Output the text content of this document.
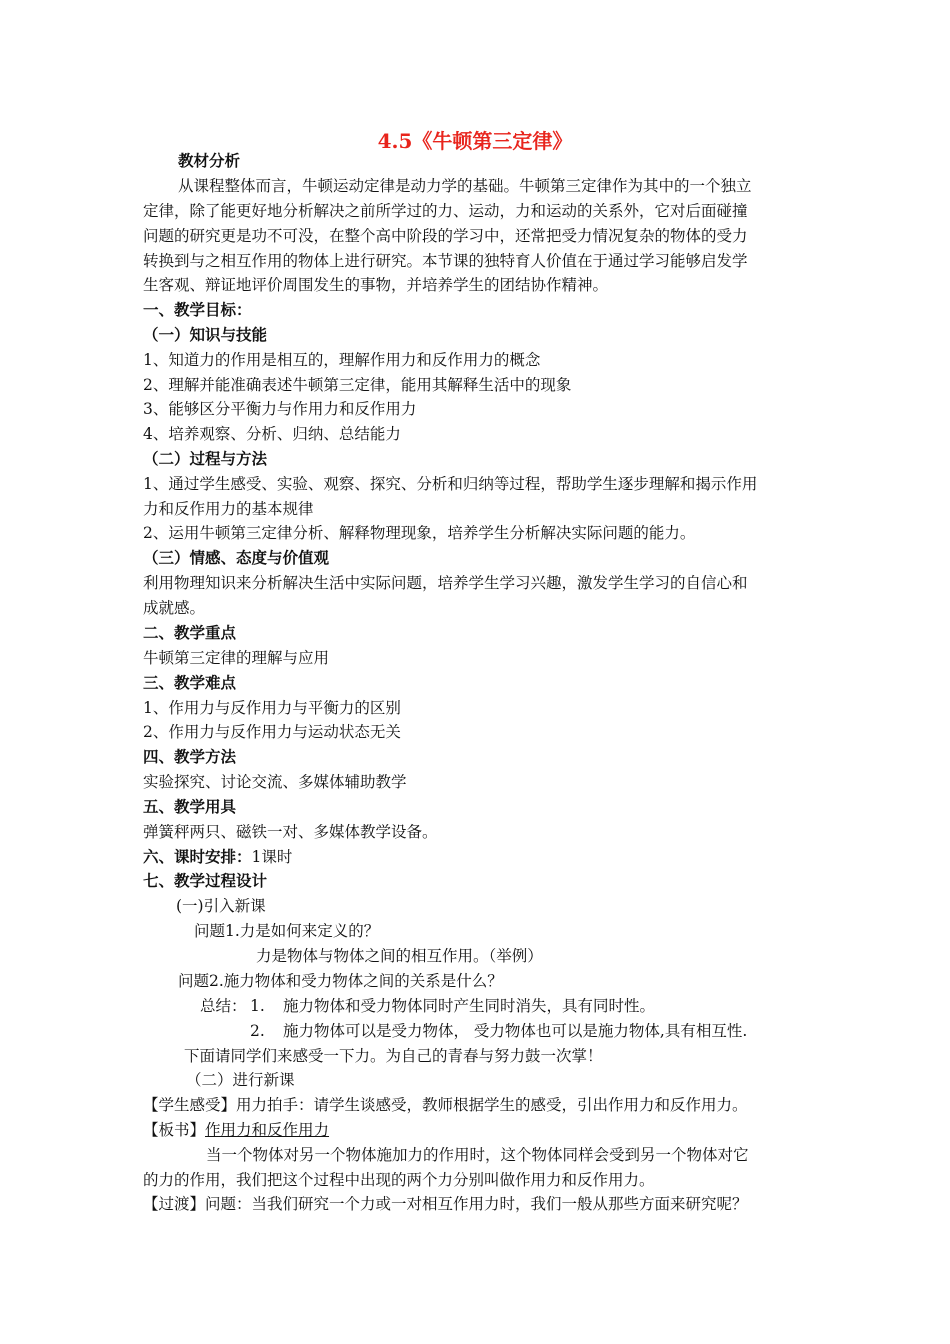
4.5《牛顿第三定律》
教材分析
从课程整体而言，牛顿运动定律是动力学的基础。牛顿第三定律作为其中的一个独立
定律，除了能更好地分析解决之前所学过的力、运动，力和运动的关系外，它对后面碰撞
问题的研究更是功不可没，在整个高中阶段的学习中，还常把受力情况复杂的物体的受力
转换到与之相互作用的物体上进行研究。本节课的独特育人价值在于通过学习能够启发学
生客观、辩证地评价周围发生的事物，并培养学生的团结协作精神。
一、教学目标：
（一）知识与技能
1、知道力的作用是相互的，理解作用力和反作用力的概念
2、理解并能准确表述牛顿第三定律，能用其解释生活中的现象
3、能够区分平衡力与作用力和反作用力
4、培养观察、分析、归纳、总结能力
（二）过程与方法
1、通过学生感受、实验、观察、探究、分析和归纳等过程，帮助学生逐步理解和揭示作用
力和反作用力的基本规律
2、运用牛顿第三定律分析、解释物理现象，培养学生分析解决实际问题的能力。
（三）情感、态度与价值观
利用物理知识来分析解决生活中实际问题，培养学生学习兴趣，激发学生学习的自信心和
成就感。
二、教学重点
牛顿第三定律的理解与应用
三、教学难点
1、作用力与反作用力与平衡力的区别
2、作用力与反作用力与运动状态无关
四、教学方法
实验探究、讨论交流、多媒体辅助教学
五、教学用具
弹簧秤两只、磁铁一对、多媒体教学设备。
六、课时安排：1课时
七、教学过程设计
(一)引入新课
问题1.力是如何来定义的？
力是物体与物体之间的相互作用。（举例）
问题2.施力物体和受力物体之间的关系是什么？
总结： 1. 施力物体和受力物体同时产生同时消失，具有同时性。
2. 施力物体可以是受力物体， 受力物体也可以是施力物体,具有相互性.
下面请同学们来感受一下力。为自己的青春与努力鼓一次掌！
（二）进行新课
【学生感受】用力拍手：请学生谈感受，教师根据学生的感受，引出作用力和反作用力。
【板书】作用力和反作用力
当一个物体对另一个物体施加力的作用时，这个物体同样会受到另一个物体对它
的力的作用，我们把这个过程中出现的两个力分别叫做作用力和反作用力。
【过渡】问题：当我们研究一个力或一对相互作用力时，我们一般从那些方面来研究呢？
